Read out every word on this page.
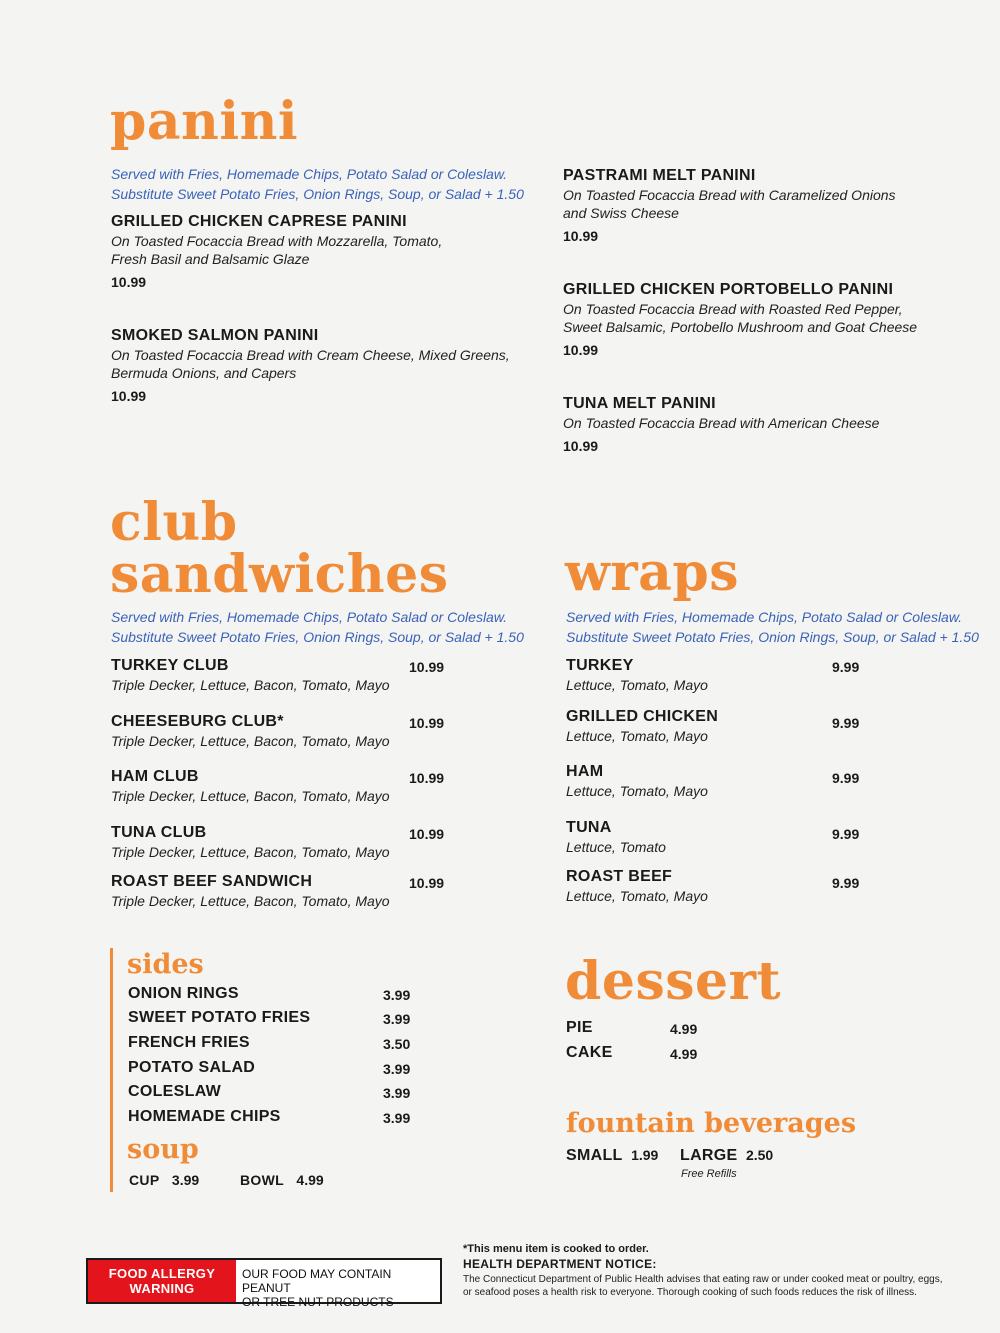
panini
Served with Fries, Homemade Chips, Potato Salad or Coleslaw.
Substitute Sweet Potato Fries, Onion Rings, Soup, or Salad + 1.50
GRILLED CHICKEN CAPRESE PANINI
On Toasted Focaccia Bread with Mozzarella, Tomato,
Fresh Basil and Balsamic Glaze
10.99
SMOKED SALMON PANINI
On Toasted Focaccia Bread with Cream Cheese, Mixed Greens,
Bermuda Onions, and Capers
10.99
PASTRAMI MELT PANINI
On Toasted Focaccia Bread with Caramelized Onions
and Swiss Cheese
10.99
GRILLED CHICKEN PORTOBELLO PANINI
On Toasted Focaccia Bread with Roasted Red Pepper,
Sweet Balsamic, Portobello Mushroom and Goat Cheese
10.99
TUNA MELT PANINI
On Toasted Focaccia Bread with American Cheese
10.99
club
sandwiches
Served with Fries, Homemade Chips, Potato Salad or Coleslaw.
Substitute Sweet Potato Fries, Onion Rings, Soup, or Salad + 1.50
TURKEY CLUB
Triple Decker, Lettuce, Bacon, Tomato, Mayo
10.99
CHEESEBURG CLUB*
Triple Decker, Lettuce, Bacon, Tomato, Mayo
10.99
HAM CLUB
Triple Decker, Lettuce, Bacon, Tomato, Mayo
10.99
TUNA CLUB
Triple Decker, Lettuce, Bacon, Tomato, Mayo
10.99
ROAST BEEF SANDWICH
Triple Decker, Lettuce, Bacon, Tomato, Mayo
10.99
wraps
Served with Fries, Homemade Chips, Potato Salad or Coleslaw.
Substitute Sweet Potato Fries, Onion Rings, Soup, or Salad + 1.50
TURKEY
Lettuce, Tomato, Mayo
9.99
GRILLED CHICKEN
Lettuce, Tomato, Mayo
9.99
HAM
Lettuce, Tomato, Mayo
9.99
TUNA
Lettuce, Tomato
9.99
ROAST BEEF
Lettuce, Tomato, Mayo
9.99
sides
ONION RINGS	3.99
SWEET POTATO FRIES	3.99
FRENCH FRIES	3.50
POTATO SALAD	3.99
COLESLAW	3.99
HOMEMADE CHIPS	3.99
soup
CUP 3.99	BOWL 4.99
dessert
PIE	4.99
CAKE	4.99
fountain beverages
SMALL 1.99 LARGE 2.50
Free Refills
FOOD ALLERGY
WARNING
OUR FOOD MAY CONTAIN PEANUT
OR TREE NUT PRODUCTS
*This menu item is cooked to order.
HEALTH DEPARTMENT NOTICE:
The Connecticut Department of Public Health advises that eating raw or under cooked meat or poultry, eggs,
or seafood poses a health risk to everyone. Thorough cooking of such foods reduces the risk of illness.
